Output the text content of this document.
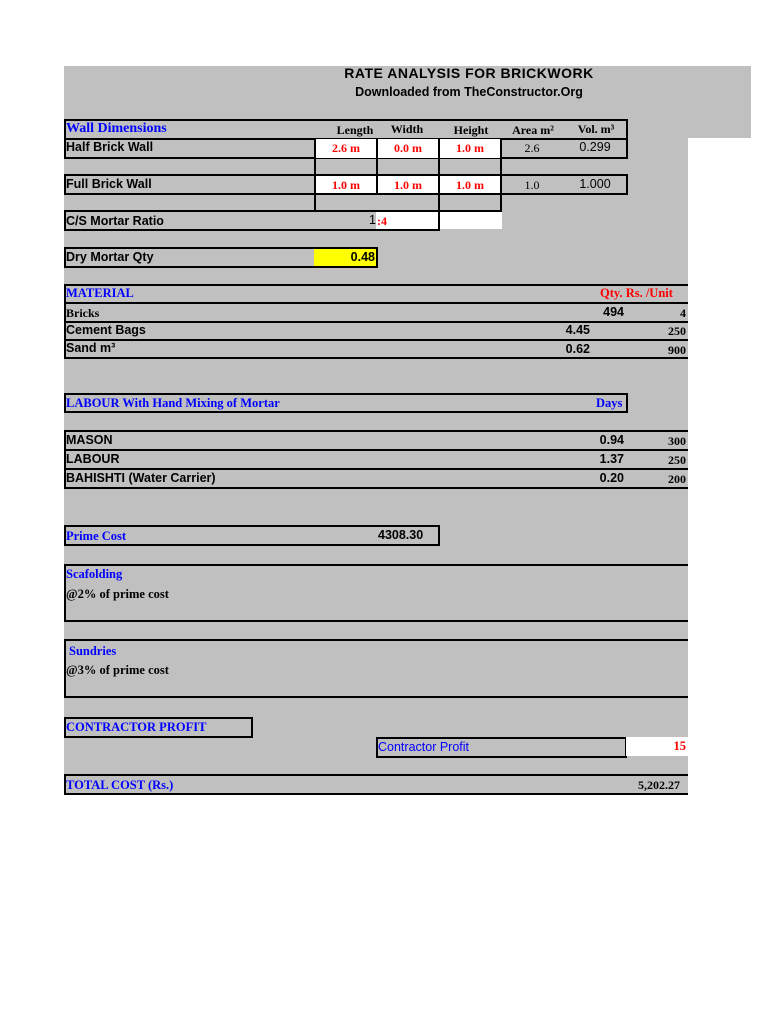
RATE ANALYSIS FOR BRICKWORK
Downloaded from TheConstructor.Org
Wall Dimensions	Length	Width	Height	Area m²	Vol. m³
Half Brick Wall	2.6 m	0.0 m	1.0 m	2.6	0.299
Full Brick Wall	1.0 m	1.0 m	1.0 m	1.0	1.000
C/S Mortar Ratio	1 :4
Dry Mortar Qty	0.48
MATERIAL	Qty. Rs. /Unit
Bricks	494	4
Cement Bags	4.45	250
Sand m³	0.62	900
LABOUR With Hand Mixing of Mortar	Days
MASON	0.94	300
LABOUR	1.37	250
BAHISHTI (Water Carrier)	0.20	200
Prime Cost	4308.30
Scafolding
@2% of prime cost
Sundries
@3% of prime cost
CONTRACTOR PROFIT
Contractor Profit	15
TOTAL COST (Rs.)	5,202.27
